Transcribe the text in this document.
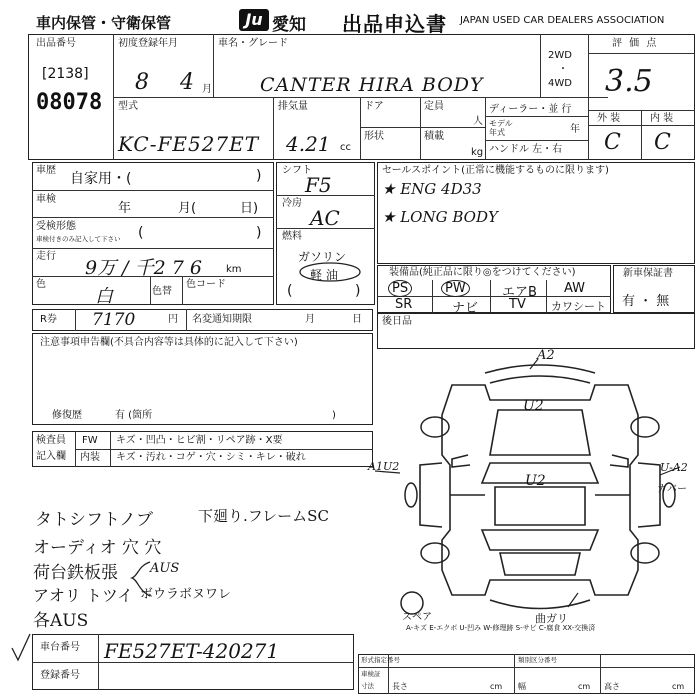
車内保管・守衛保管	Ju 愛知 出品申込書 JAPAN USED CAR DEALERS ASSOCIATION
出品番号
[2138]
08078
初度登録年月
8 4 月
車名・グレード
CANTER HIRA BODY
2WD
・
4WD
評 価 点
3.5
型式
KC-FE527ET
排気量
4.21 cc
ドア
形状
定員
人
積載
kg
ディーラー・並 行
モデル
年式	年
ハンドル 左・右
外 装	内 装
C C
車歴
自家用・(	)
車検
年	月(	日)
受検形態
車検付きのみ記入して下さい (	)
走行
9万 / 千2 7 6 km
色
白	色替
色コード
シフト
F5
冷房
AC
燃料
ガソリン
軽 油
(	)
セールスポイント(正常に機能するものに限ります)
★ ENG 4D33
★ LONG BODY
装備品(純正品に限り◎をつけてください)
PS	PW	エアB AW
SR	ナビ TV カワシート
新車保証書
有 ・ 無
R券 7170	円 名変通知期限	月	日 後日品
注意事項申告欄(不具合内容等は具体的に記入して下さい)
修復歴	有 (箇所	)
検査員
記入欄
FW キズ・凹凸・ヒビ割・リペア跡・X要
内装 キズ・汚れ・コゲ・穴・シミ・キレ・破れ
タトシフトノブ	下廻り.フレームSC
オーディオ 穴 穴
荷台鉄板張
アオリ トツイ
各AUS
AUS
ボウラボヌワレ
A2
U2
U2
A1U2	U-A2
カバー
スペア	曲ガリ
A-キズ E-エクボ U-凹み W-修理跡 S-サビ C-腐食 XX-交換済
車台番号 FE527ET-420271
登録番号
形式指定番号	類別区分番号
車検証
寸法 長さ	cm 幅	cm 高さ	cm
